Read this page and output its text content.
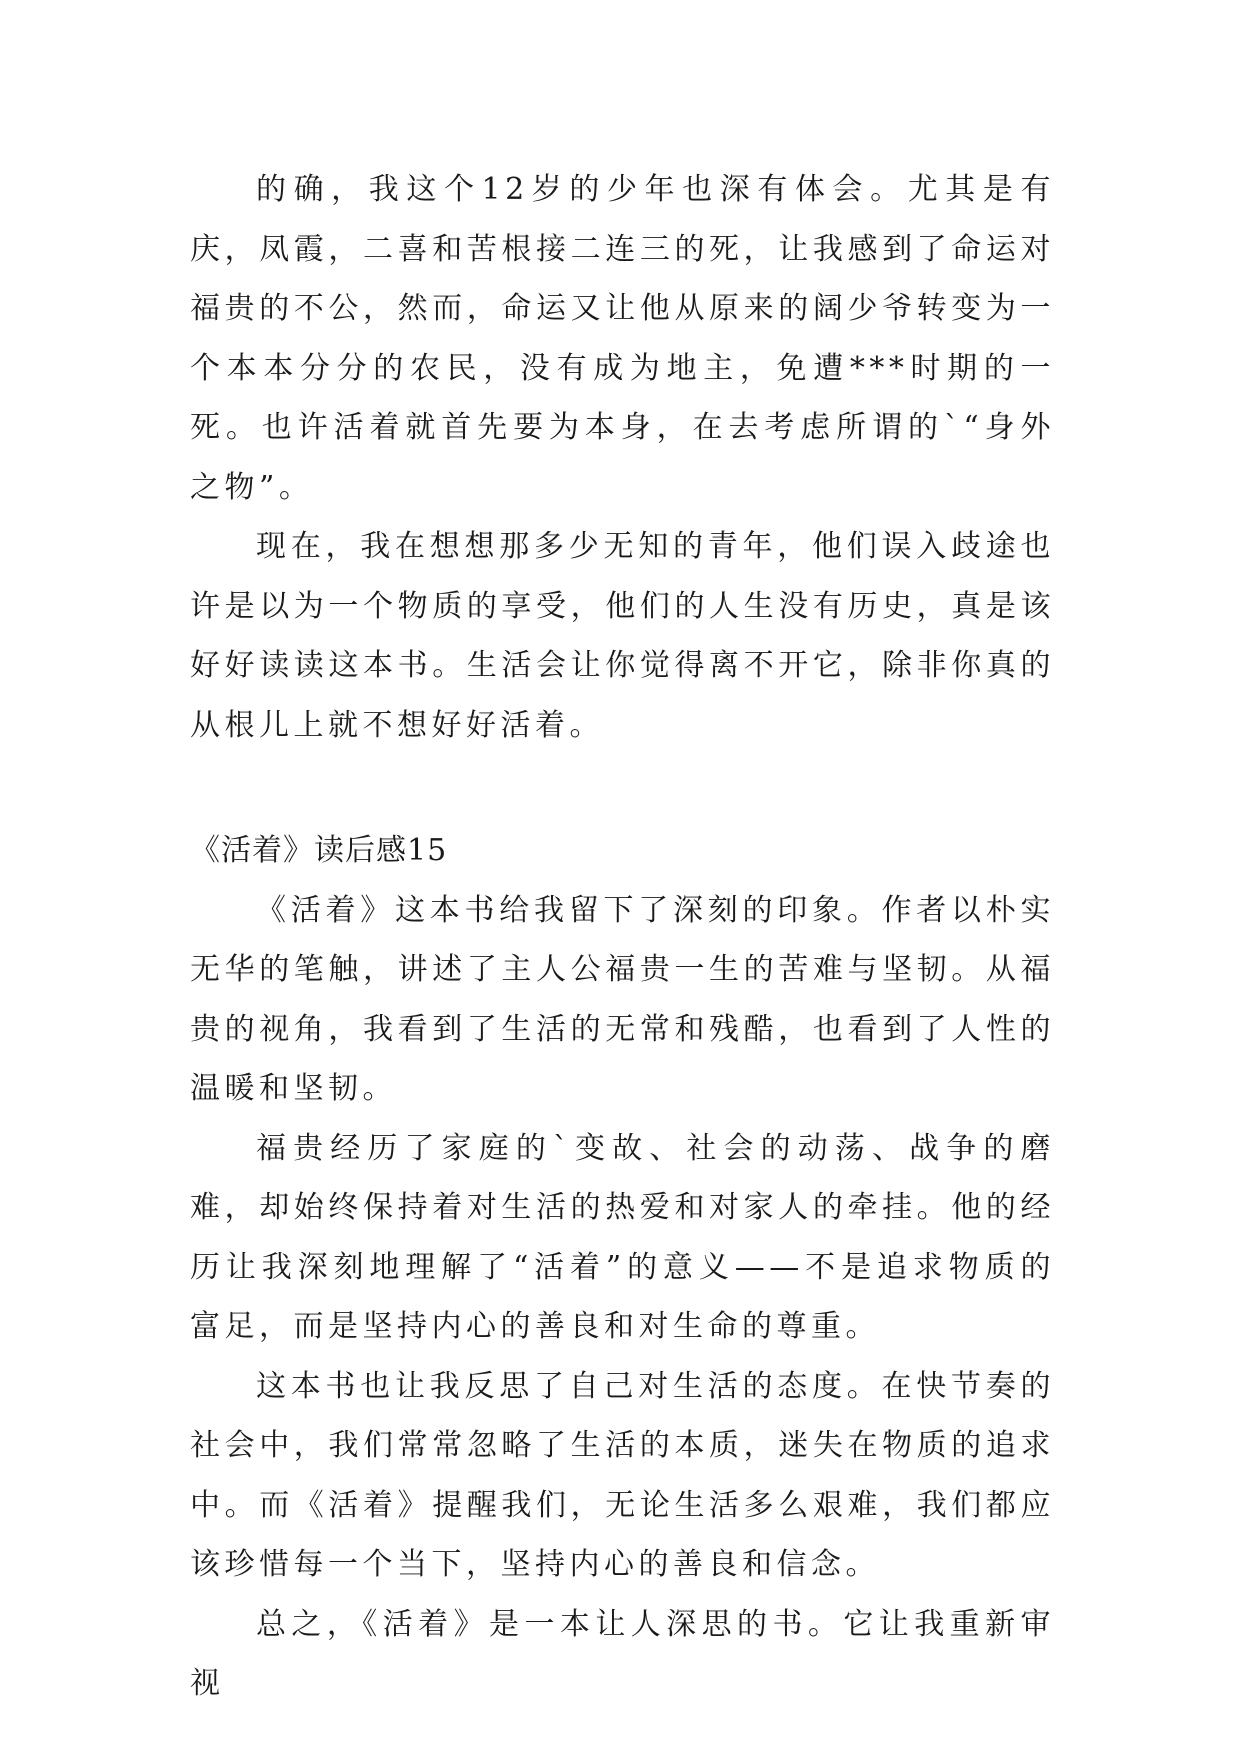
的确，我这个12岁的少年也深有体会。尤其是有庆，凤霞，二喜和苦根接二连三的死，让我感到了命运对福贵的不公，然而，命运又让他从原来的阔少爷转变为一个本本分分的农民，没有成为地主，免遭***时期的一死。也许活着就首先要为本身，在去考虑所谓的`“身外之物”。

现在，我在想想那多少无知的青年，他们误入歧途也许是以为一个物质的享受，他们的人生没有历史，真是该好好读读这本书。生活会让你觉得离不开它，除非你真的从根儿上就不想好好活着。

《活着》读后感15

《活着》这本书给我留下了深刻的印象。作者以朴实无华的笔触，讲述了主人公福贵一生的苦难与坚韧。从福贵的视角，我看到了生活的无常和残酷，也看到了人性的温暖和坚韧。

福贵经历了家庭的`变故、社会的动荡、战争的磨难，却始终保持着对生活的热爱和对家人的牵挂。他的经历让我深刻地理解了“活着”的意义——不是追求物质的富足，而是坚持内心的善良和对生命的尊重。

这本书也让我反思了自己对生活的态度。在快节奏的社会中，我们常常忽略了生活的本质，迷失在物质的追求中。而《活着》提醒我们，无论生活多么艰难，我们都应该珍惜每一个当下，坚持内心的善良和信念。

总之，《活着》是一本让人深思的书。它让我重新审视
